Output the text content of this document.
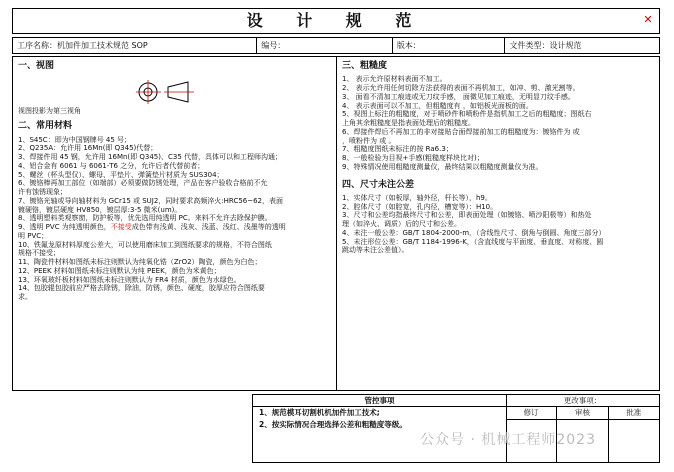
设 计 规 范	✕
工序名称：机加件加工技术规范 SOP	编号：	版本：	文件类型：设计规范
一、视图
视图投影为第三视角
二、常用材料
1、S45C：即为中国钢牌号 45 号；
2、Q235A：允许用 16Mn(即 Q345)代替；
3、焊接件用 45 钢，允许用 16Mn(即 Q345)、C35 代替，具体可以和工程师沟通；
4、铝合金有 6061 与 6061-T6 之分，允许后者代替前者；
5、螺丝（杯头型仅）、螺母、平垫片、弹簧垫片材质为 SUS304；
6、镀铬棒再加工部位（如端部）必须要做防锈处理，产品在客户验收合格前不允
许有蚀锈现象；
7、镀铬光轴或导向轴材料为 GCr15 或 SUJ2，同时要求高频淬火:HRC56~62，表面
镀硬铬，镀层硬度 HV850，镀层厚:3-5 微米(um)。
8、透明塑料类观察窗，防护板等，优先选用纯透明 PC。来料不允许去除保护膜。
9、透明 PVC 为纯透明颜色，不接受成色带有浅黄、浅灰、浅蓝、浅红、浅墨等的透明
明 PVC；
10、铁氟龙原材料厚度公差大，可以使用磨床加工到图纸要求的规格，不符合图纸
规格不接受；
11、陶瓷件材料如图纸未标注则默认为纯氧化锆（ZrO2）陶瓷，颜色为白色；
12、PEEK 材料如图纸未标注则默认为纯 PEEK，颜色为米黄色；
13、环氧玻纤板材料如图纸未标注则默认为 FR4 材质，颜色为水绿色。
14、包胶辊包胶前应严格去除锈，除油，防锈，颜色、硬度，胶厚应符合图纸要
求。
三、粗糙度
1、 表示允许原材料表面不加工。
2、 表示允许用任何切除方法获得的表面不再机加工，如冲、剪、激光割等。
3、 面看不清加工痕迹或无刀纹手感， 面微见加工痕迹，无明显刀纹手感。
4、 表示表面可以不加工，但粗糙度有 ，如铝板光面板的面。
5、视图上标注的粗糙度，对于喷砂件和喷粉件是指机加工之后的粗糙度；图纸右
上角其余粗糙度是指表面处理后的粗糙度。
6、焊接件焊后不再加工的非对接贴合面焊接前加工的粗糙度为：镀铬件为 或
，喷粉件为 或 。
7、粗糙度图纸未标注的按 Ra6.3；
8、一般检验为目视+手感(粗糙度样块比对)；
9、特殊情况使用粗糙度测量仪，最终结果以粗糙度测量仪为准。
四、尺寸未注公差
1、实体尺寸（如板厚，轴外径，杆长等），h9。
2、腔体尺寸（如腔宽，孔内径，槽宽等）：H10。
3、尺寸和公差均指最终尺寸和公差，即表面处理（如镀铬、喷沙阳极等）和热处
理（如淬火、调质）后的尺寸和公差。
4、未注一般公差：GB/T 1804-2000-m，（含线性尺寸、倒角与倒圆、角度三部分）
5、未注形位公差：GB/T 1184-1996-K，（含直线度与平面度、垂直度、对称度、圆
跳动等未注公差值）。
管控事项
1、规范模耳切割机机加件加工技术;
2、按实际情况合理选择公差和粗糙度等级。
更改事项：
修订	审核	批准
公众号 · 机械工程师2023
